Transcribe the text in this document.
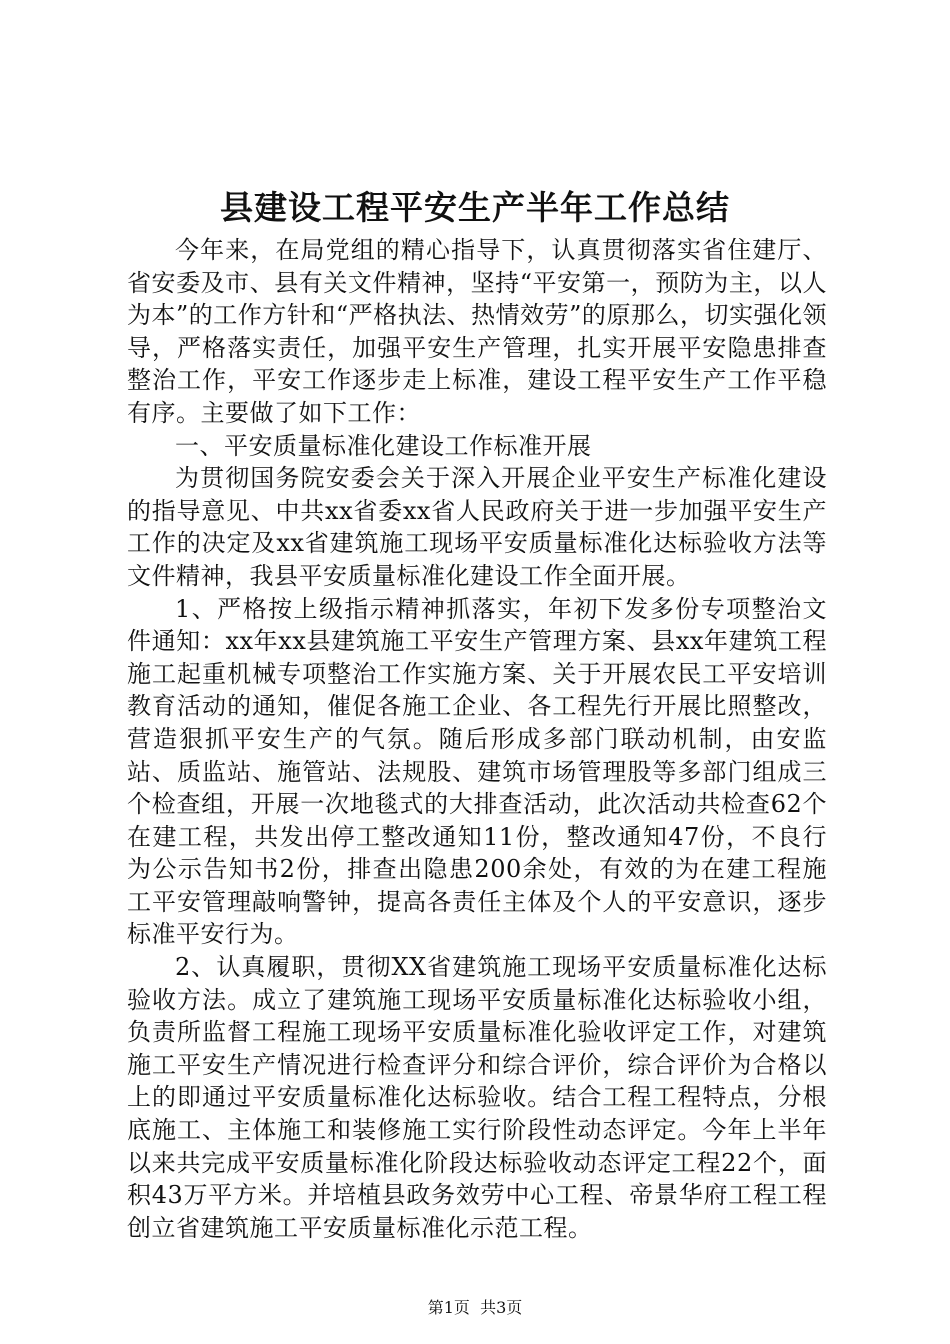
县建设工程平安生产半年工作总结

今年来，在局党组的精心指导下，认真贯彻落实省住建厅、省安委及市、县有关文件精神，坚持“平安第一，预防为主，以人为本”的工作方针和“严格执法、热情效劳”的原那么，切实强化领导，严格落实责任，加强平安生产管理，扎实开展平安隐患排查整治工作，平安工作逐步走上标准，建设工程平安生产工作平稳有序。主要做了如下工作：

一、平安质量标准化建设工作标准开展

为贯彻国务院安委会关于深入开展企业平安生产标准化建设的指导意见、中共xx省委xx省人民政府关于进一步加强平安生产工作的决定及xx省建筑施工现场平安质量标准化达标验收方法等文件精神，我县平安质量标准化建设工作全面开展。

1、严格按上级指示精神抓落实，年初下发多份专项整治文件通知：xx年xx县建筑施工平安生产管理方案、县xx年建筑工程施工起重机械专项整治工作实施方案、关于开展农民工平安培训教育活动的通知，催促各施工企业、各工程先行开展比照整改，营造狠抓平安生产的气氛。随后形成多部门联动机制，由安监站、质监站、施管站、法规股、建筑市场管理股等多部门组成三个检查组，开展一次地毯式的大排查活动，此次活动共检查62个在建工程，共发出停工整改通知11份，整改通知47份，不良行为公示告知书2份，排查出隐患200余处，有效的为在建工程施工平安管理敲响警钟，提高各责任主体及个人的平安意识，逐步标准平安行为。

2、认真履职，贯彻XX省建筑施工现场平安质量标准化达标验收方法。成立了建筑施工现场平安质量标准化达标验收小组，负责所监督工程施工现场平安质量标准化验收评定工作，对建筑施工平安生产情况进行检查评分和综合评价，综合评价为合格以上的即通过平安质量标准化达标验收。结合工程工程特点，分根底施工、主体施工和装修施工实行阶段性动态评定。今年上半年以来共完成平安质量标准化阶段达标验收动态评定工程22个，面积43万平方米。并培植县政务效劳中心工程、帝景华府工程工程创立省建筑施工平安质量标准化示范工程。

第1页 共3页
